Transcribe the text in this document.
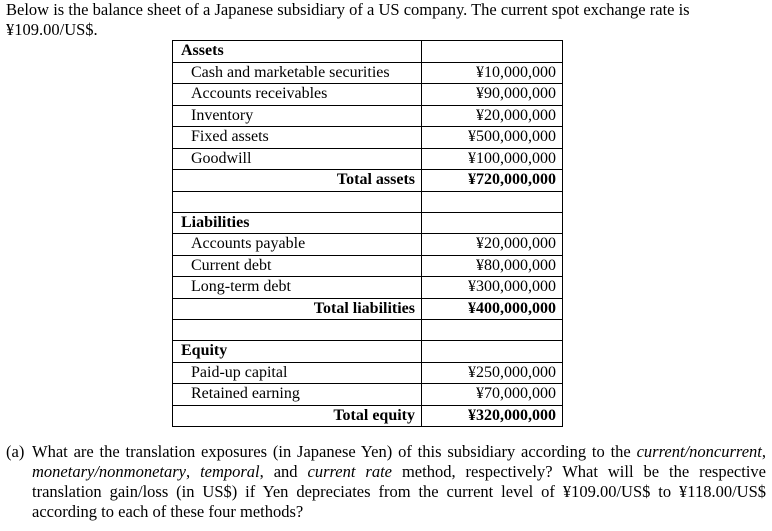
Below is the balance sheet of a Japanese subsidiary of a US company. The current spot exchange rate is ¥109.00/US$.
Assets	

Cash and marketable securities	¥10,000,000

Accounts receivables	¥90,000,000

Inventory	¥20,000,000

Fixed assets	¥500,000,000

Goodwill	¥100,000,000

Total assets	¥720,000,000

Liabilities	

Accounts payable	¥20,000,000

Current debt	¥80,000,000

Long-term debt	¥300,000,000

Total liabilities	¥400,000,000

Equity	

Paid-up capital	¥250,000,000

Retained earning	¥70,000,000

Total equity	¥320,000,000
(a) What are the translation exposures (in Japanese Yen) of this subsidiary according to the current/noncurrent, monetary/nonmonetary, temporal, and current rate method, respectively? What will be the respective translation gain/loss (in US$) if Yen depreciates from the current level of ¥109.00/US$ to ¥118.00/US$ according to each of these four methods?
